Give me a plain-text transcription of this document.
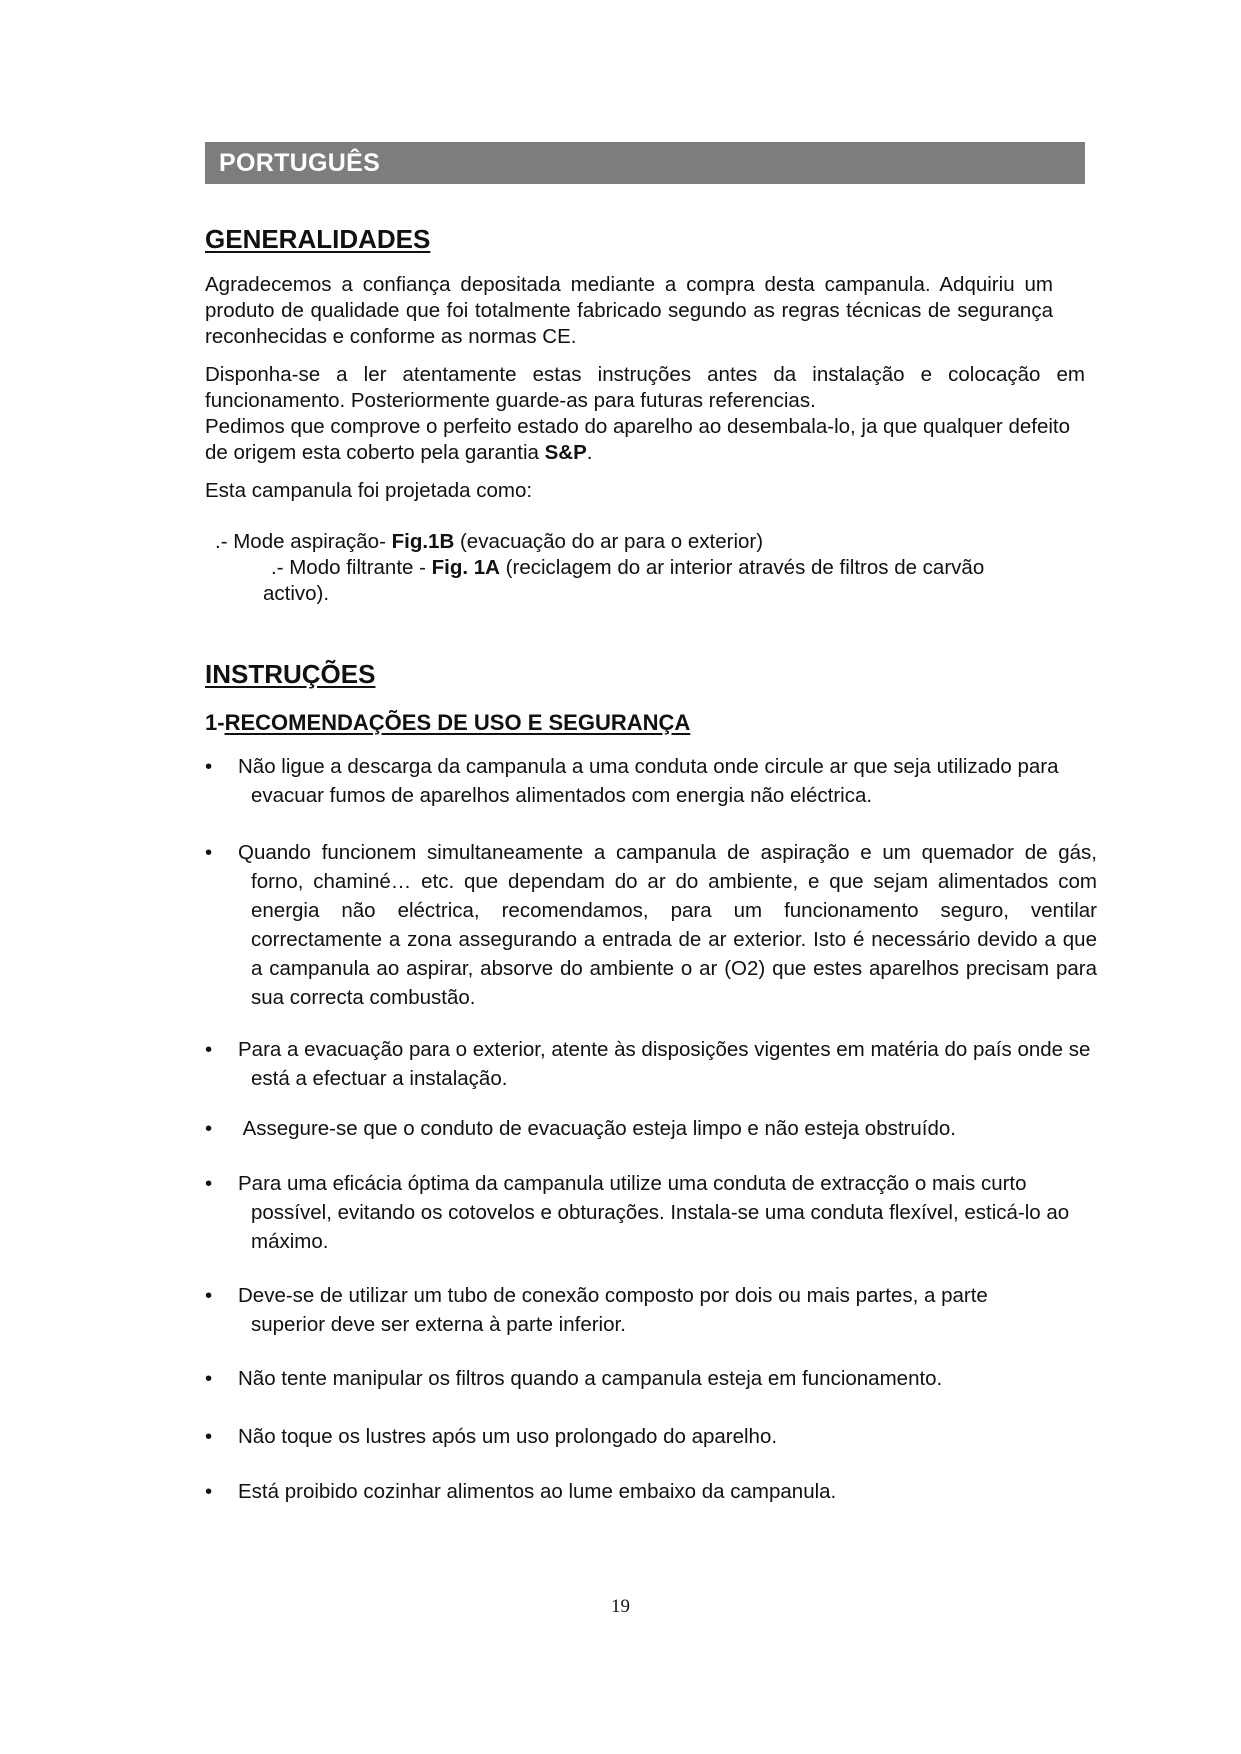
PORTUGUÊS
GENERALIDADES

Agradecemos a confiança depositada mediante a compra desta campanula. Adquiriu um produto de qualidade que foi totalmente fabricado segundo as regras técnicas de segurança reconhecidas e conforme as normas CE.

Disponha-se a ler atentamente estas instruções antes da instalação e colocação em funcionamento. Posteriormente guarde-as para futuras referencias.

Pedimos que comprove o perfeito estado do aparelho ao desembala-lo, ja que qualquer defeito de origem esta coberto pela garantia S&P.

Esta campanula foi projetada como:

.- Mode aspiração- Fig.1B (evacuação do ar para o exterior)
.- Modo filtrante - Fig. 1A (reciclagem do ar interior através de filtros de carvão
activo).
INSTRUÇÕES
1-RECOMENDAÇÕES DE USO E SEGURANÇA
•	Não ligue a descarga da campanula a uma conduta onde circule ar que seja utilizado para evacuar fumos de aparelhos alimentados com energia não eléctrica.
•	Quando funcionem simultaneamente a campanula de aspiração e um quemador de gás, forno, chaminé… etc. que dependam do ar do ambiente, e que sejam alimentados com energia não eléctrica, recomendamos, para um funcionamento seguro, ventilar correctamente a zona assegurando a entrada de ar exterior. Isto é necessário devido a que a campanula ao aspirar, absorve do ambiente o ar (O2) que estes aparelhos precisam para sua correcta combustão.
•	Para a evacuação para o exterior, atente às disposições vigentes em matéria do país onde se está a efectuar a instalação.
•	Assegure-se que o conduto de evacuação esteja limpo e não esteja obstruído.
•	Para uma eficácia óptima da campanula utilize uma conduta de extracção o mais curto possível, evitando os cotovelos e obturações. Instala-se uma conduta flexível, esticá-lo ao máximo.
•	Deve-se de utilizar um tubo de conexão composto por dois ou mais partes, a parte superior deve ser externa à parte inferior.
•	Não tente manipular os filtros quando a campanula esteja em funcionamento.
•	Não toque os lustres após um uso prolongado do aparelho.
•	Está proibido cozinhar alimentos ao lume embaixo da campanula.
19
